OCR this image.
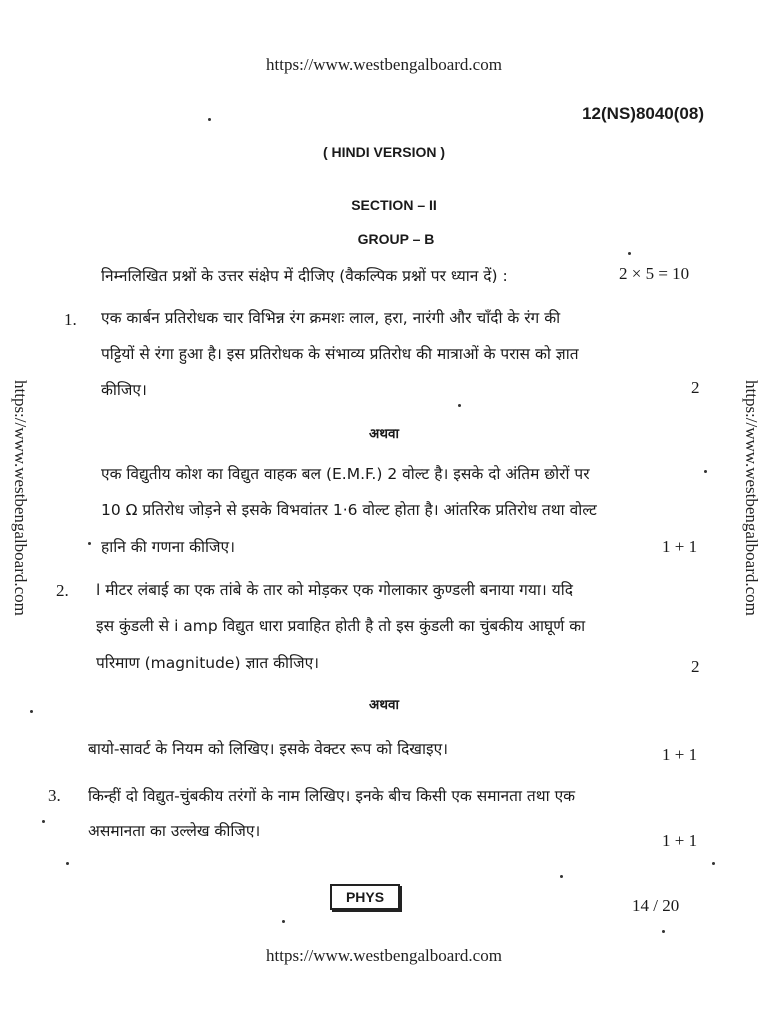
https://www.westbengalboard.com
https://www.westbengalboard.com	https://www.westbengalboard.com
12(NS)8040(08)
( HINDI VERSION )
SECTION – II
GROUP – B
निम्नलिखित प्रश्नों के उत्तर संक्षेप में दीजिए (वैकल्पिक प्रश्नों पर ध्यान दें) :	2 × 5 = 10
1. एक कार्बन प्रतिरोधक चार विभिन्न रंग क्रमशः लाल, हरा, नारंगी और चाँदी के रंग की
पट्टियों से रंगा हुआ है। इस प्रतिरोधक के संभाव्य प्रतिरोध की मात्राओं के परास को ज्ञात
कीजिए।	2
अथवा
एक विद्युतीय कोश का विद्युत वाहक बल (E.M.F.) 2 वोल्ट है। इसके दो अंतिम छोरों पर
10 Ω प्रतिरोध जोड़ने से इसके विभवांतर 1·6 वोल्ट होता है। आंतरिक प्रतिरोध तथा वोल्ट
हानि की गणना कीजिए।	1 + 1
2. l मीटर लंबाई का एक तांबे के तार को मोड़कर एक गोलाकार कुण्डली बनाया गया। यदि
इस कुंडली से i amp विद्युत धारा प्रवाहित होती है तो इस कुंडली का चुंबकीय आघूर्ण का
परिमाण (magnitude) ज्ञात कीजिए।	2
अथवा
बायो-सावर्ट के नियम को लिखिए। इसके वेक्टर रूप को दिखाइए।	1 + 1
3. किन्हीं दो विद्युत-चुंबकीय तरंगों के नाम लिखिए। इनके बीच किसी एक समानता तथा एक
असमानता का उल्लेख कीजिए।	1 + 1
PHYS	14 / 20
https://www.westbengalboard.com
